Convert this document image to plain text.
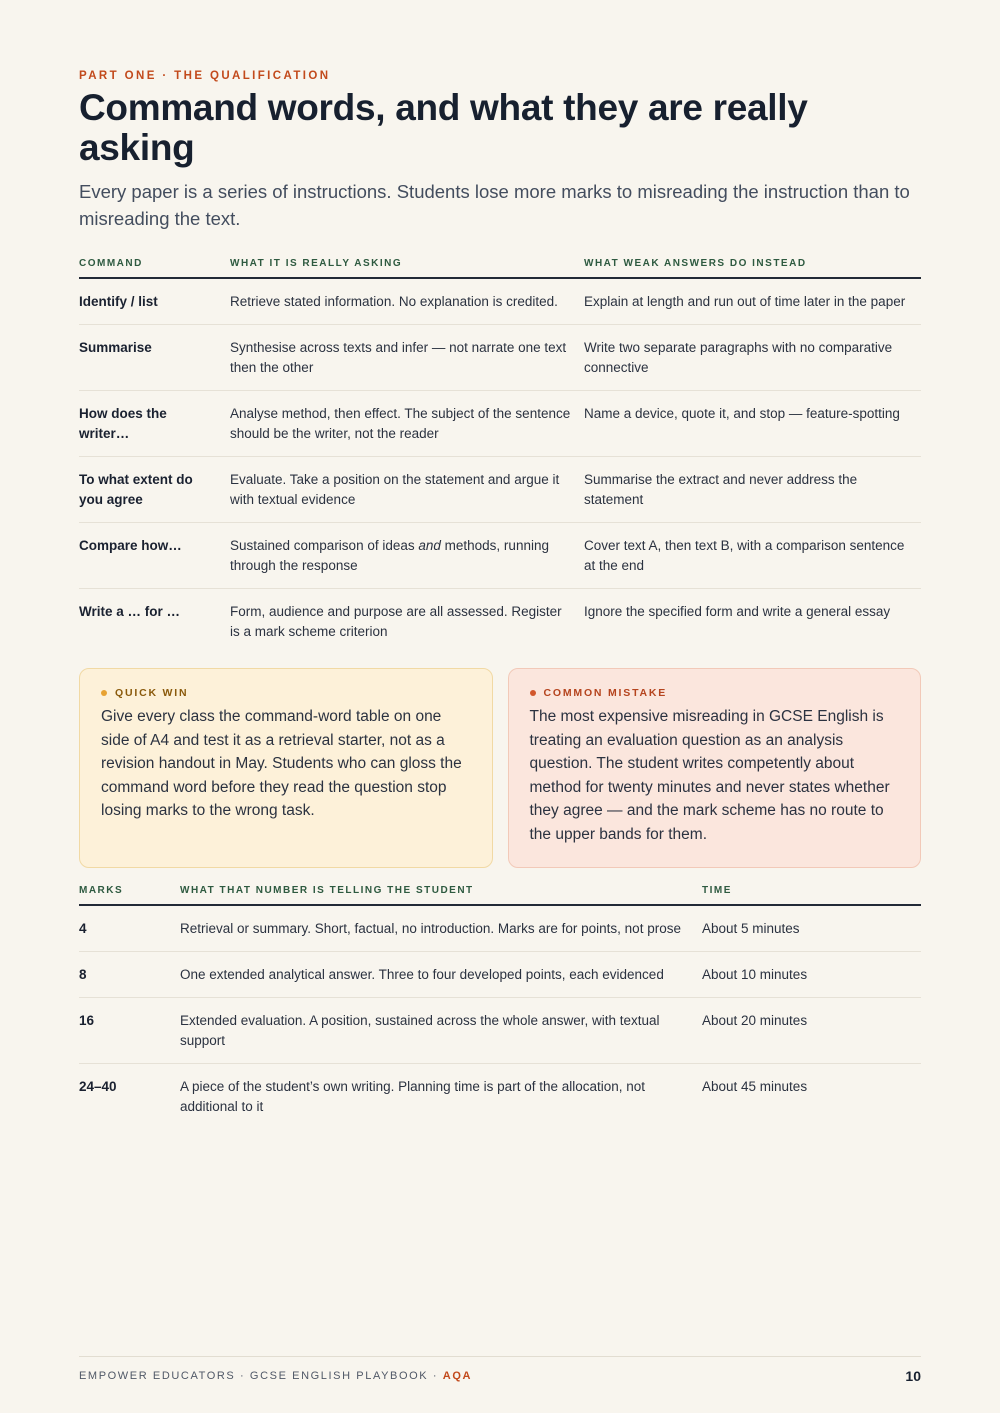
PART ONE · THE QUALIFICATION
Command words, and what they are really asking

Every paper is a series of instructions. Students lose more marks to misreading the instruction than to misreading the text.

COMMAND	WHAT IT IS REALLY ASKING	WHAT WEAK ANSWERS DO INSTEAD
Identify / list	Retrieve stated information. No explanation is credited.	Explain at length and run out of time later in the paper
Summarise	Synthesise across texts and infer — not narrate one text then the other	Write two separate paragraphs with no comparative connective
How does the writer…	Analyse method, then effect. The subject of the sentence should be the writer, not the reader	Name a device, quote it, and stop — feature-spotting
To what extent do you agree	Evaluate. Take a position on the statement and argue it with textual evidence	Summarise the extract and never address the statement
Compare how…	Sustained comparison of ideas and methods, running through the response	Cover text A, then text B, with a comparison sentence at the end
Write a … for …	Form, audience and purpose are all assessed. Register is a mark scheme criterion	Ignore the specified form and write a general essay
QUICK WIN

Give every class the command-word table on one side of A4 and test it as a retrieval starter, not as a revision handout in May. Students who can gloss the command word before they read the question stop losing marks to the wrong task.

COMMON MISTAKE

The most expensive misreading in GCSE English is treating an evaluation question as an analysis question. The student writes competently about method for twenty minutes and never states whether they agree — and the mark scheme has no route to the upper bands for them.

MARKS	WHAT THAT NUMBER IS TELLING THE STUDENT	TIME
4	Retrieval or summary. Short, factual, no introduction. Marks are for points, not prose	About 5 minutes
8	One extended analytical answer. Three to four developed points, each evidenced	About 10 minutes
16	Extended evaluation. A position, sustained across the whole answer, with textual support	About 20 minutes
24–40	A piece of the student’s own writing. Planning time is part of the allocation, not additional to it	About 45 minutes
EMPOWER EDUCATORS · GCSE ENGLISH PLAYBOOK · AQA	10
